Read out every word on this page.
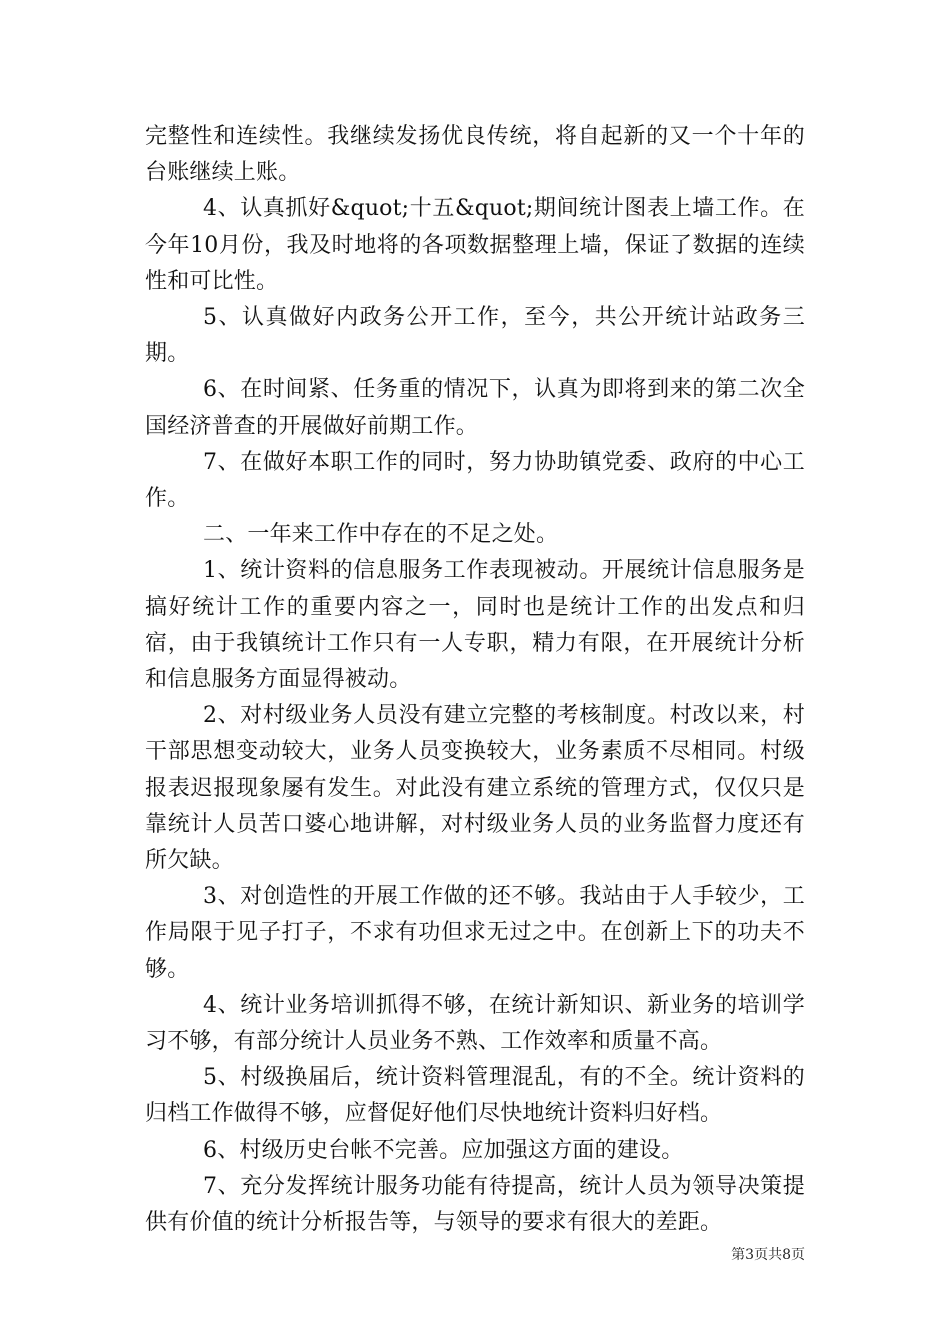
完整性和连续性。我继续发扬优良传统，将自起新的又一个十年的台账继续上账。

4、认真抓好&quot;十五&quot;期间统计图表上墙工作。在今年10月份，我及时地将的各项数据整理上墙，保证了数据的连续性和可比性。

5、认真做好内政务公开工作，至今，共公开统计站政务三期。

6、在时间紧、任务重的情况下，认真为即将到来的第二次全国经济普查的开展做好前期工作。

7、在做好本职工作的同时，努力协助镇党委、政府的中心工作。

二、一年来工作中存在的不足之处。

1、统计资料的信息服务工作表现被动。开展统计信息服务是搞好统计工作的重要内容之一，同时也是统计工作的出发点和归宿，由于我镇统计工作只有一人专职，精力有限，在开展统计分析和信息服务方面显得被动。

2、对村级业务人员没有建立完整的考核制度。村改以来，村干部思想变动较大，业务人员变换较大，业务素质不尽相同。村级报表迟报现象屡有发生。对此没有建立系统的管理方式，仅仅只是靠统计人员苦口婆心地讲解，对村级业务人员的业务监督力度还有所欠缺。

3、对创造性的开展工作做的还不够。我站由于人手较少，工作局限于见子打子，不求有功但求无过之中。在创新上下的功夫不够。

4、统计业务培训抓得不够，在统计新知识、新业务的培训学习不够，有部分统计人员业务不熟、工作效率和质量不高。

5、村级换届后，统计资料管理混乱，有的不全。统计资料的归档工作做得不够，应督促好他们尽快地统计资料归好档。

6、村级历史台帐不完善。应加强这方面的建设。

7、充分发挥统计服务功能有待提高，统计人员为领导决策提供有价值的统计分析报告等，与领导的要求有很大的差距。

第3页共8页
